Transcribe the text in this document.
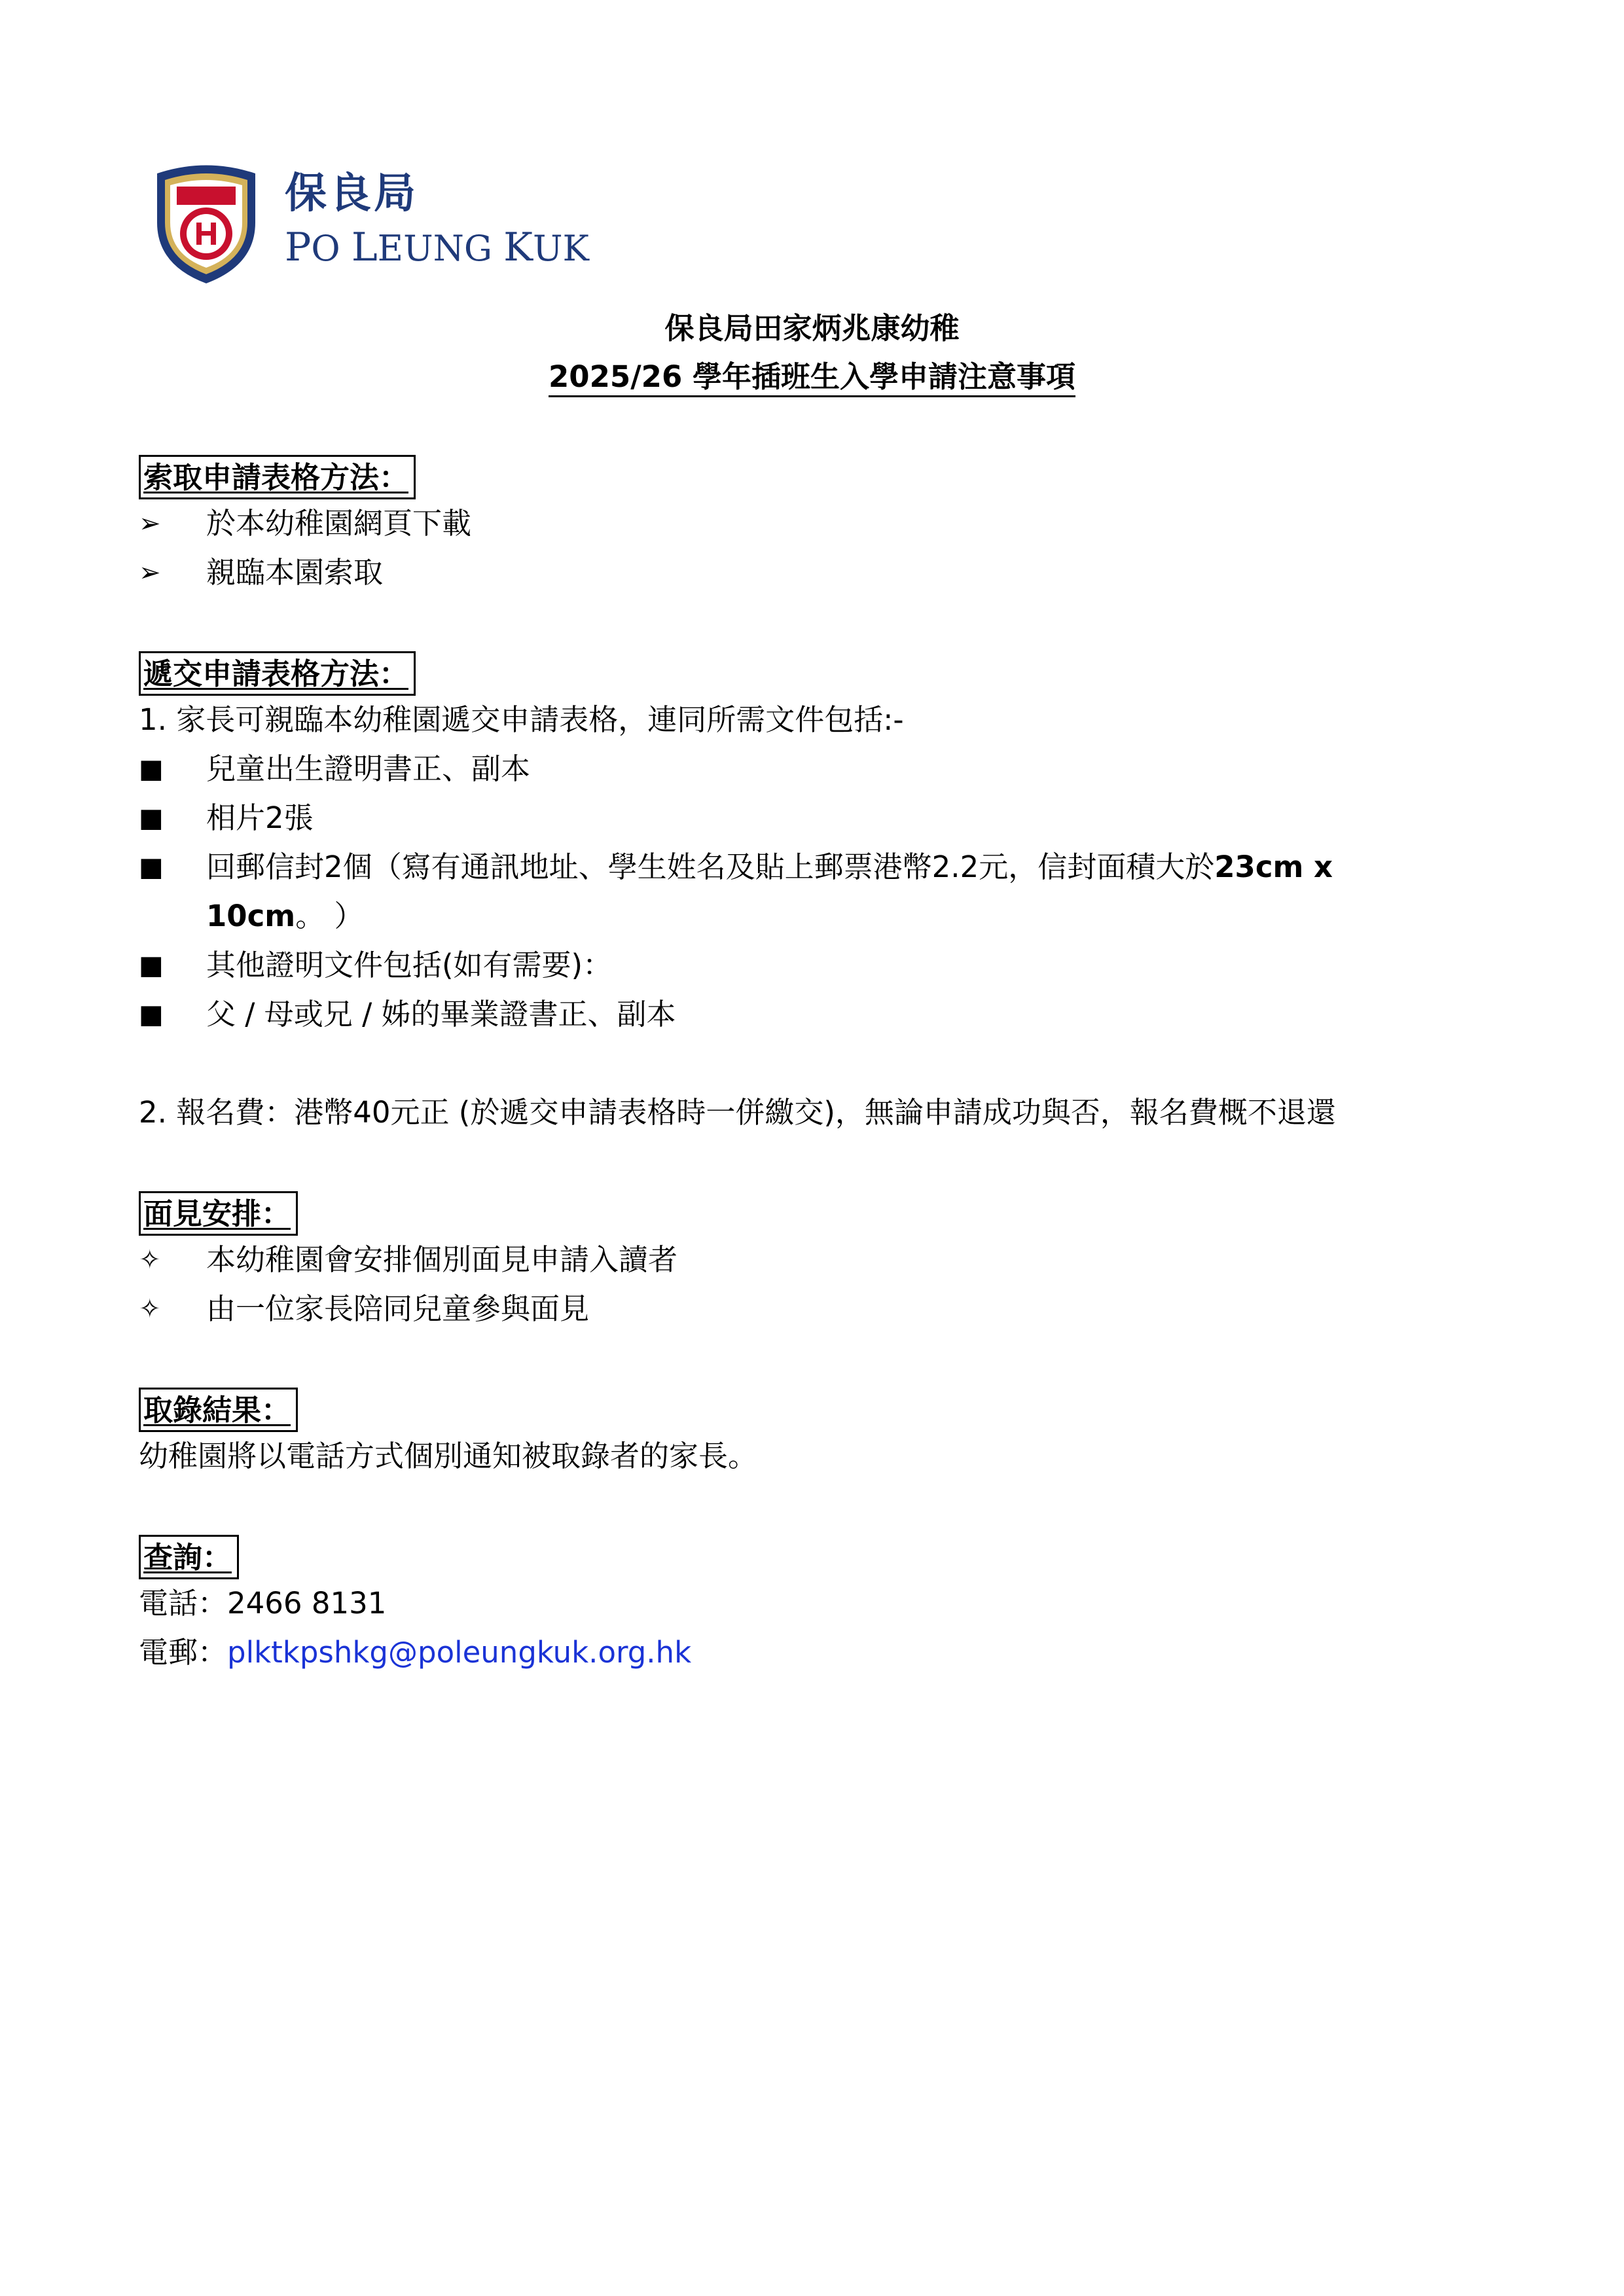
保良局
PO LEUNG KUK
保良局田家炳兆康幼稚
2025/26 學年插班生入學申請注意事項
索取申請表格方法：
➢ 於本幼稚園網頁下載
➢ 親臨本園索取
遞交申請表格方法：
1. 家長可親臨本幼稚園遞交申請表格，連同所需文件包括:-
■ 兒童出生證明書正、副本
■ 相片2張
■ 回郵信封2個（寫有通訊地址、學生姓名及貼上郵票港幣2.2元，信封面積大於23cm x
10cm。 ）
■ 其他證明文件包括(如有需要)：
■ 父 / 母或兄 / 姊的畢業證書正、副本
2. 報名費：港幣40元正 (於遞交申請表格時一併繳交)，無論申請成功與否，報名費概不退還
面見安排：
✧ 本幼稚園會安排個別面見申請入讀者
✧ 由一位家長陪同兒童參與面見
取錄結果：
幼稚園將以電話方式個別通知被取錄者的家長。
查詢：
電話：2466 8131
電郵：plktkpshkg@poleungkuk.org.hk
